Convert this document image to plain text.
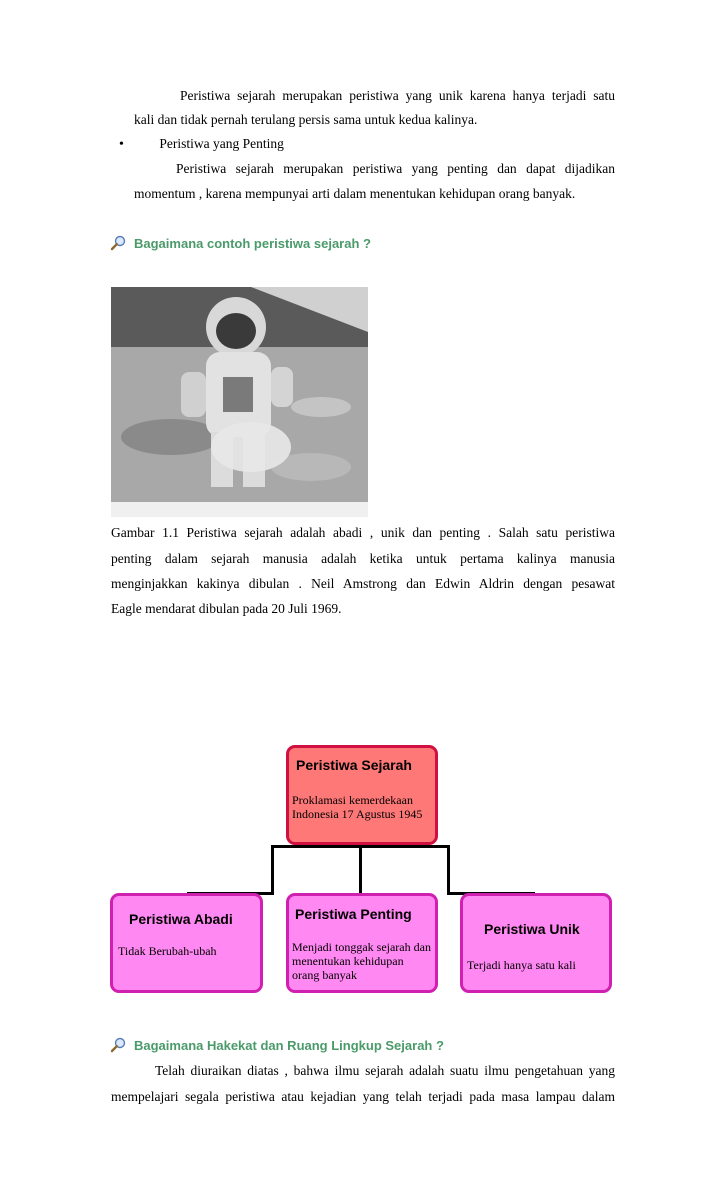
Peristiwa sejarah merupakan peristiwa yang unik karena hanya terjadi satu
kali dan tidak pernah terulang persis sama untuk kedua kalinya.
•	Peristiwa yang Penting
Peristiwa sejarah merupakan peristiwa yang penting dan dapat dijadikan
momentum , karena mempunyai arti dalam menentukan kehidupan orang banyak.
Bagaimana contoh peristiwa sejarah ?
Gambar 1.1 Peristiwa sejarah adalah abadi , unik dan penting . Salah satu peristiwa
penting dalam sejarah manusia adalah ketika untuk pertama kalinya manusia
menginjakkan kakinya dibulan . Neil Amstrong dan Edwin Aldrin dengan pesawat
Eagle mendarat dibulan pada 20 Juli 1969.
Peristiwa Sejarah
Proklamasi kemerdekaan Indonesia 17 Agustus 1945
Peristiwa Abadi
Tidak Berubah-ubah
Peristiwa Penting
Menjadi tonggak sejarah dan menentukan kehidupan orang banyak
Peristiwa Unik
Terjadi hanya satu kali
Bagaimana Hakekat dan Ruang Lingkup Sejarah ?
Telah diuraikan diatas , bahwa ilmu sejarah adalah suatu ilmu pengetahuan yang
mempelajari segala peristiwa atau kejadian yang telah terjadi pada masa lampau dalam
